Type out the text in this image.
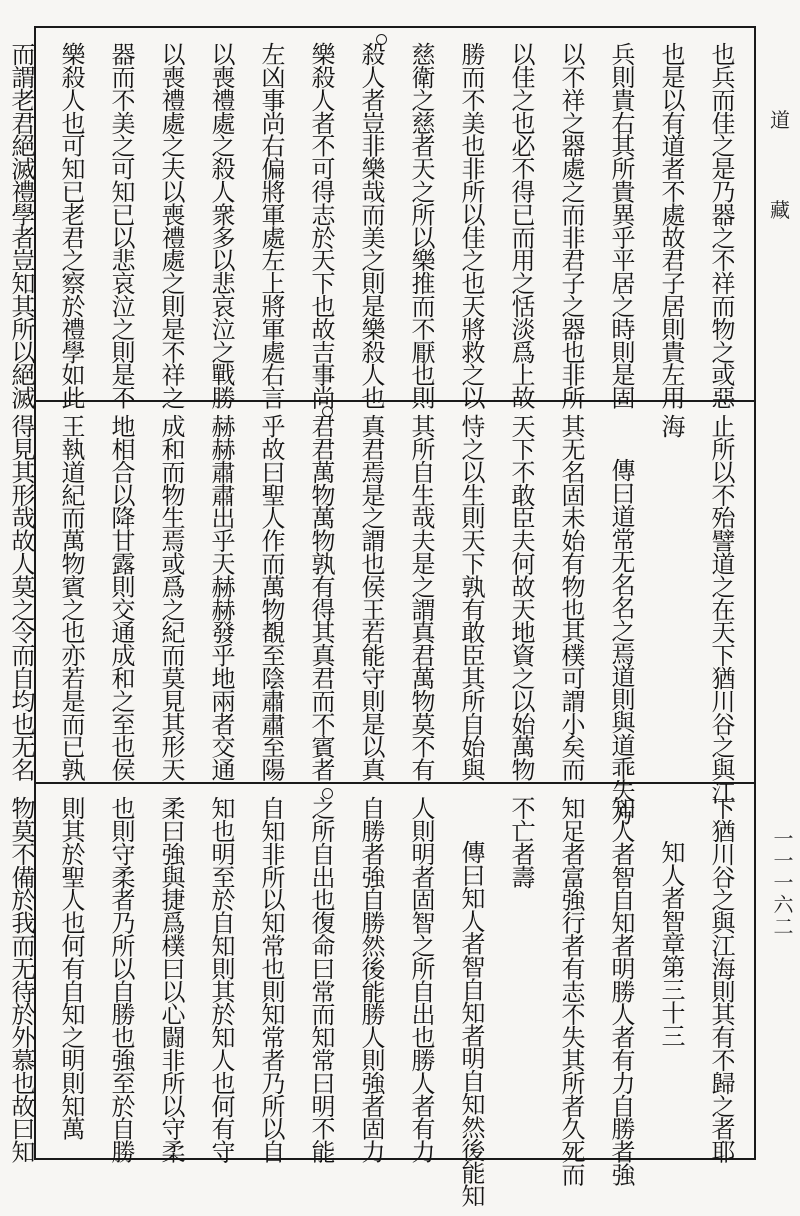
道
藏
一一一六二
也兵而佳之是乃器之不祥而物之或惡
也是以有道者不處故君子居則貴左用
兵則貴右其所貴異乎平居之時則是固
以不祥之器處之而非君子之器也非所
以佳之也必不得已而用之恬淡爲上故
勝而不美也非所以佳之也天將救之以
慈衛之慈者天之所以樂推而不厭也則
殺人者豈非樂哉而美之則是樂殺人也
樂殺人者不可得志於天下也故吉事尚
左凶事尚右偏將軍處左上將軍處右言
以喪禮處之殺人衆多以悲哀泣之戰勝
以喪禮處之夫以喪禮處之則是不祥之
器而不美之可知已以悲哀泣之則是不
樂殺人也可知已老君之察於禮學如此
而謂老君絕滅禮學者豈知其所以絕滅
止所以不殆譬道之在天下猶川谷之與江
海
傳曰道常无名名之焉道則與道乖失方
其无名固未始有物也其樸可謂小矣而
天下不敢臣夫何故天地資之以始萬物
恃之以生則天下孰有敢臣其所自始與
其所自生哉夫是之謂真君萬物莫不有
真君焉是之謂也侯王若能守則是以真
君君萬物萬物孰有得其真君而不賓者
乎故曰聖人作而萬物覩至陰肅肅至陽
赫赫肅肅出乎天赫赫發乎地兩者交通
成和而物生焉或爲之紀而莫見其形天
地相合以降甘露則交通成和之至也侯
王執道紀而萬物賓之也亦若是而已孰
得見其形哉故人莫之令而自均也无名
下猶川谷之與江海則其有不歸之者耶
知人者智章第三十三
知人者智自知者明勝人者有力自勝者強
知足者富強行者有志不失其所者久死而
不亡者壽
傳曰知人者智自知者明自知然後能知
人則明者固智之所自出也勝人者有力
自勝者強自勝然後能勝人則強者固力
之所自出也復命曰常而知常曰明不能
自知非所以知常也則知常者乃所以自
知也明至於自知則其於知人也何有守
柔曰強與捷爲樸曰以心闘非所以守柔
也則守柔者乃所以自勝也強至於自勝
則其於聖人也何有自知之明則知萬
物莫不備於我而无待於外慕也故曰知
